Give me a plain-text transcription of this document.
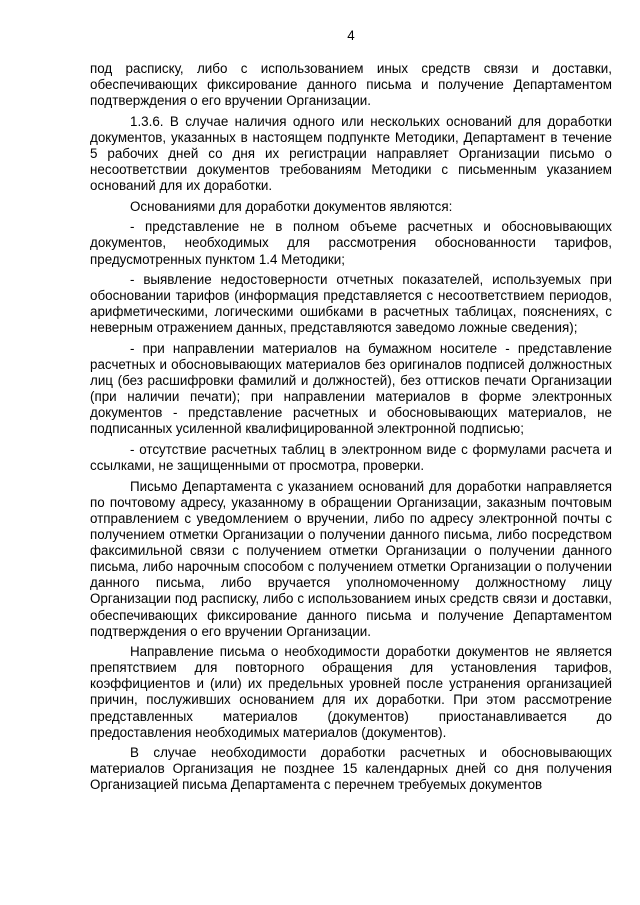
4

под расписку, либо с использованием иных средств связи и доставки, обеспечивающих фиксирование данного письма и получение Департаментом подтверждения о его вручении Организации.

1.3.6. В случае наличия одного или нескольких оснований для доработки документов, указанных в настоящем подпункте Методики, Департамент в течение 5 рабочих дней со дня их регистрации направляет Организации письмо о несоответствии документов требованиям Методики с письменным указанием оснований для их доработки.

Основаниями для доработки документов являются:

- представление не в полном объеме расчетных и обосновывающих документов, необходимых для рассмотрения обоснованности тарифов, предусмотренных пунктом 1.4 Методики;

- выявление недостоверности отчетных показателей, используемых при обосновании тарифов (информация представляется с несоответствием периодов, арифметическими, логическими ошибками в расчетных таблицах, пояснениях, с неверным отражением данных, представляются заведомо ложные сведения);

- при направлении материалов на бумажном носителе - представление расчетных и обосновывающих материалов без оригиналов подписей должностных лиц (без расшифровки фамилий и должностей), без оттисков печати Организации (при наличии печати); при направлении материалов в форме электронных документов - представление расчетных и обосновывающих материалов, не подписанных усиленной квалифицированной электронной подписью;

- отсутствие расчетных таблиц в электронном виде с формулами расчета и ссылками, не защищенными от просмотра, проверки.

Письмо Департамента с указанием оснований для доработки направляется по почтовому адресу, указанному в обращении Организации, заказным почтовым отправлением с уведомлением о вручении, либо по адресу электронной почты с получением отметки Организации о получении данного письма, либо посредством факсимильной связи с получением отметки Организации о получении данного письма, либо нарочным способом с получением отметки Организации о получении данного письма, либо вручается уполномоченному должностному лицу Организации под расписку, либо с использованием иных средств связи и доставки, обеспечивающих фиксирование данного письма и получение Департаментом подтверждения о его вручении Организации.

Направление письма о необходимости доработки документов не является препятствием для повторного обращения для установления тарифов, коэффициентов и (или) их предельных уровней после устранения организацией причин, послуживших основанием для их доработки. При этом рассмотрение представленных материалов (документов) приостанавливается до предоставления необходимых материалов (документов).

В случае необходимости доработки расчетных и обосновывающих материалов Организация не позднее 15 календарных дней со дня получения Организацией письма Департамента с перечнем требуемых документов
